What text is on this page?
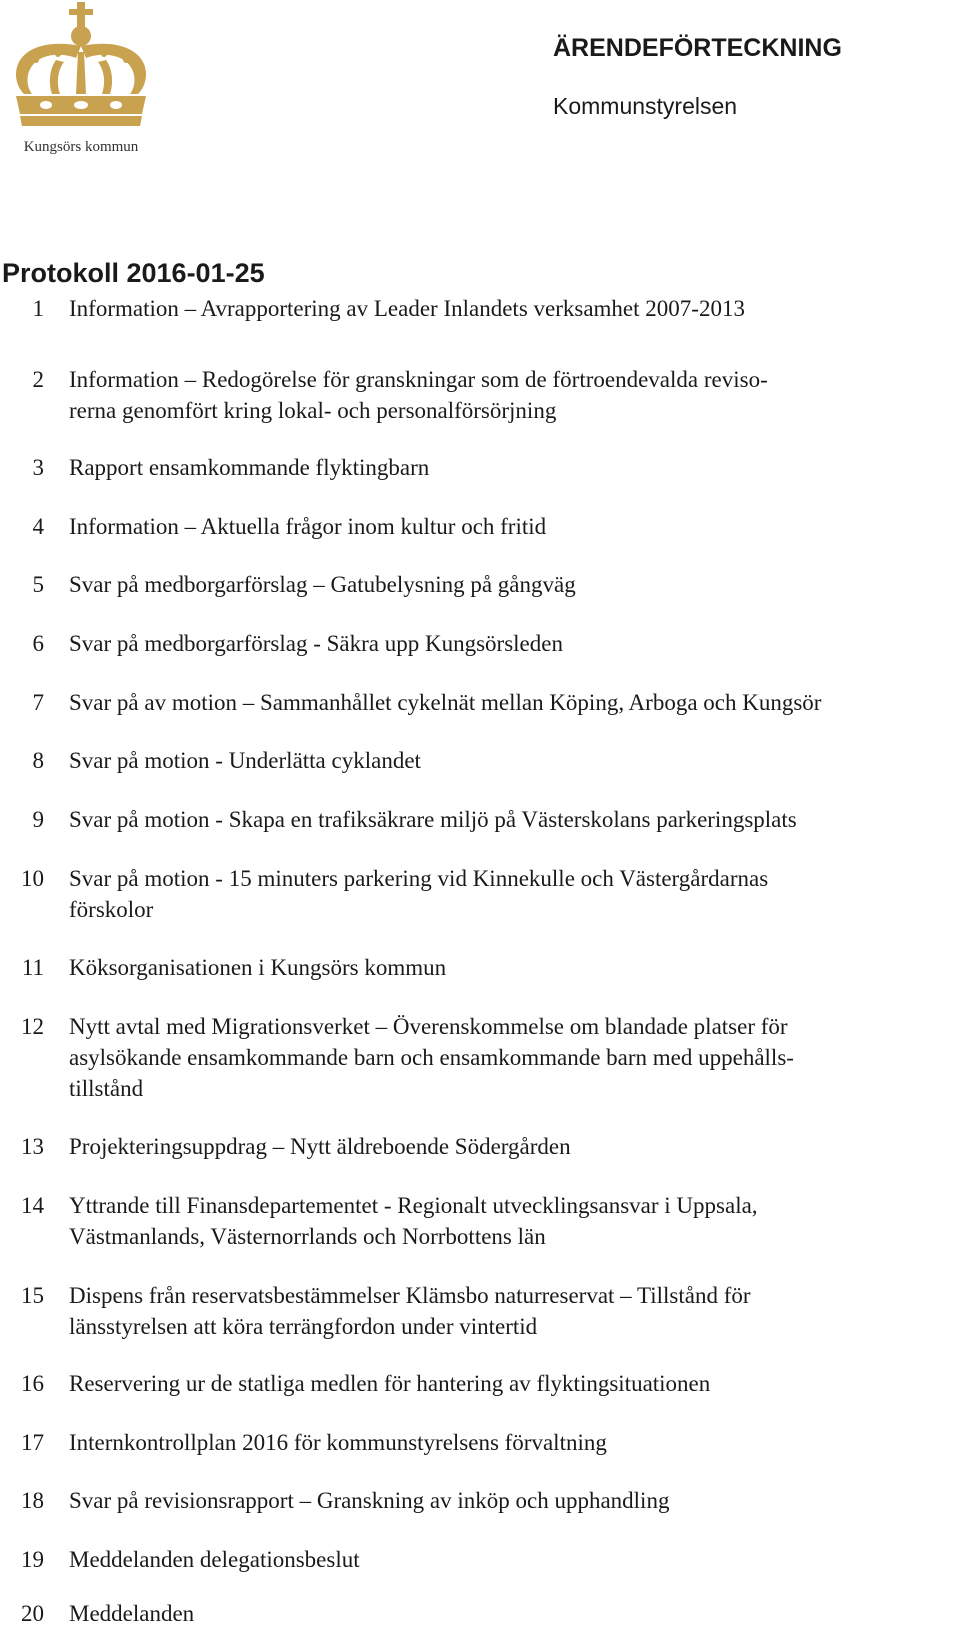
Kungsörs kommun
ÄRENDEFÖRTECKNING
Kommunstyrelsen
Protokoll 2016-01-25
1 Information – Avrapportering av Leader Inlandets verksamhet 2007-2013
2 Information – Redogörelse för granskningar som de förtroendevalda reviso-
rerna genomfört kring lokal- och personalförsörjning
3 Rapport ensamkommande flyktingbarn
4 Information – Aktuella frågor inom kultur och fritid
5 Svar på medborgarförslag – Gatubelysning på gångväg
6 Svar på medborgarförslag - Säkra upp Kungsörsleden
7 Svar på av motion – Sammanhållet cykelnät mellan Köping, Arboga och Kungsör
8 Svar på motion - Underlätta cyklandet
9 Svar på motion - Skapa en trafiksäkrare miljö på Västerskolans parkeringsplats
10 Svar på motion - 15 minuters parkering vid Kinnekulle och Västergårdarnas
förskolor
11 Köksorganisationen i Kungsörs kommun
12 Nytt avtal med Migrationsverket – Överenskommelse om blandade platser för
asylsökande ensamkommande barn och ensamkommande barn med uppehålls-
tillstånd
13 Projekteringsuppdrag – Nytt äldreboende Södergården
14 Yttrande till Finansdepartementet - Regionalt utvecklingsansvar i Uppsala,
Västmanlands, Västernorrlands och Norrbottens län
15 Dispens från reservatsbestämmelser Klämsbo naturreservat – Tillstånd för
länsstyrelsen att köra terrängfordon under vintertid
16 Reservering ur de statliga medlen för hantering av flyktingsituationen
17 Internkontrollplan 2016 för kommunstyrelsens förvaltning
18 Svar på revisionsrapport – Granskning av inköp och upphandling
19 Meddelanden delegationsbeslut
20 Meddelanden
